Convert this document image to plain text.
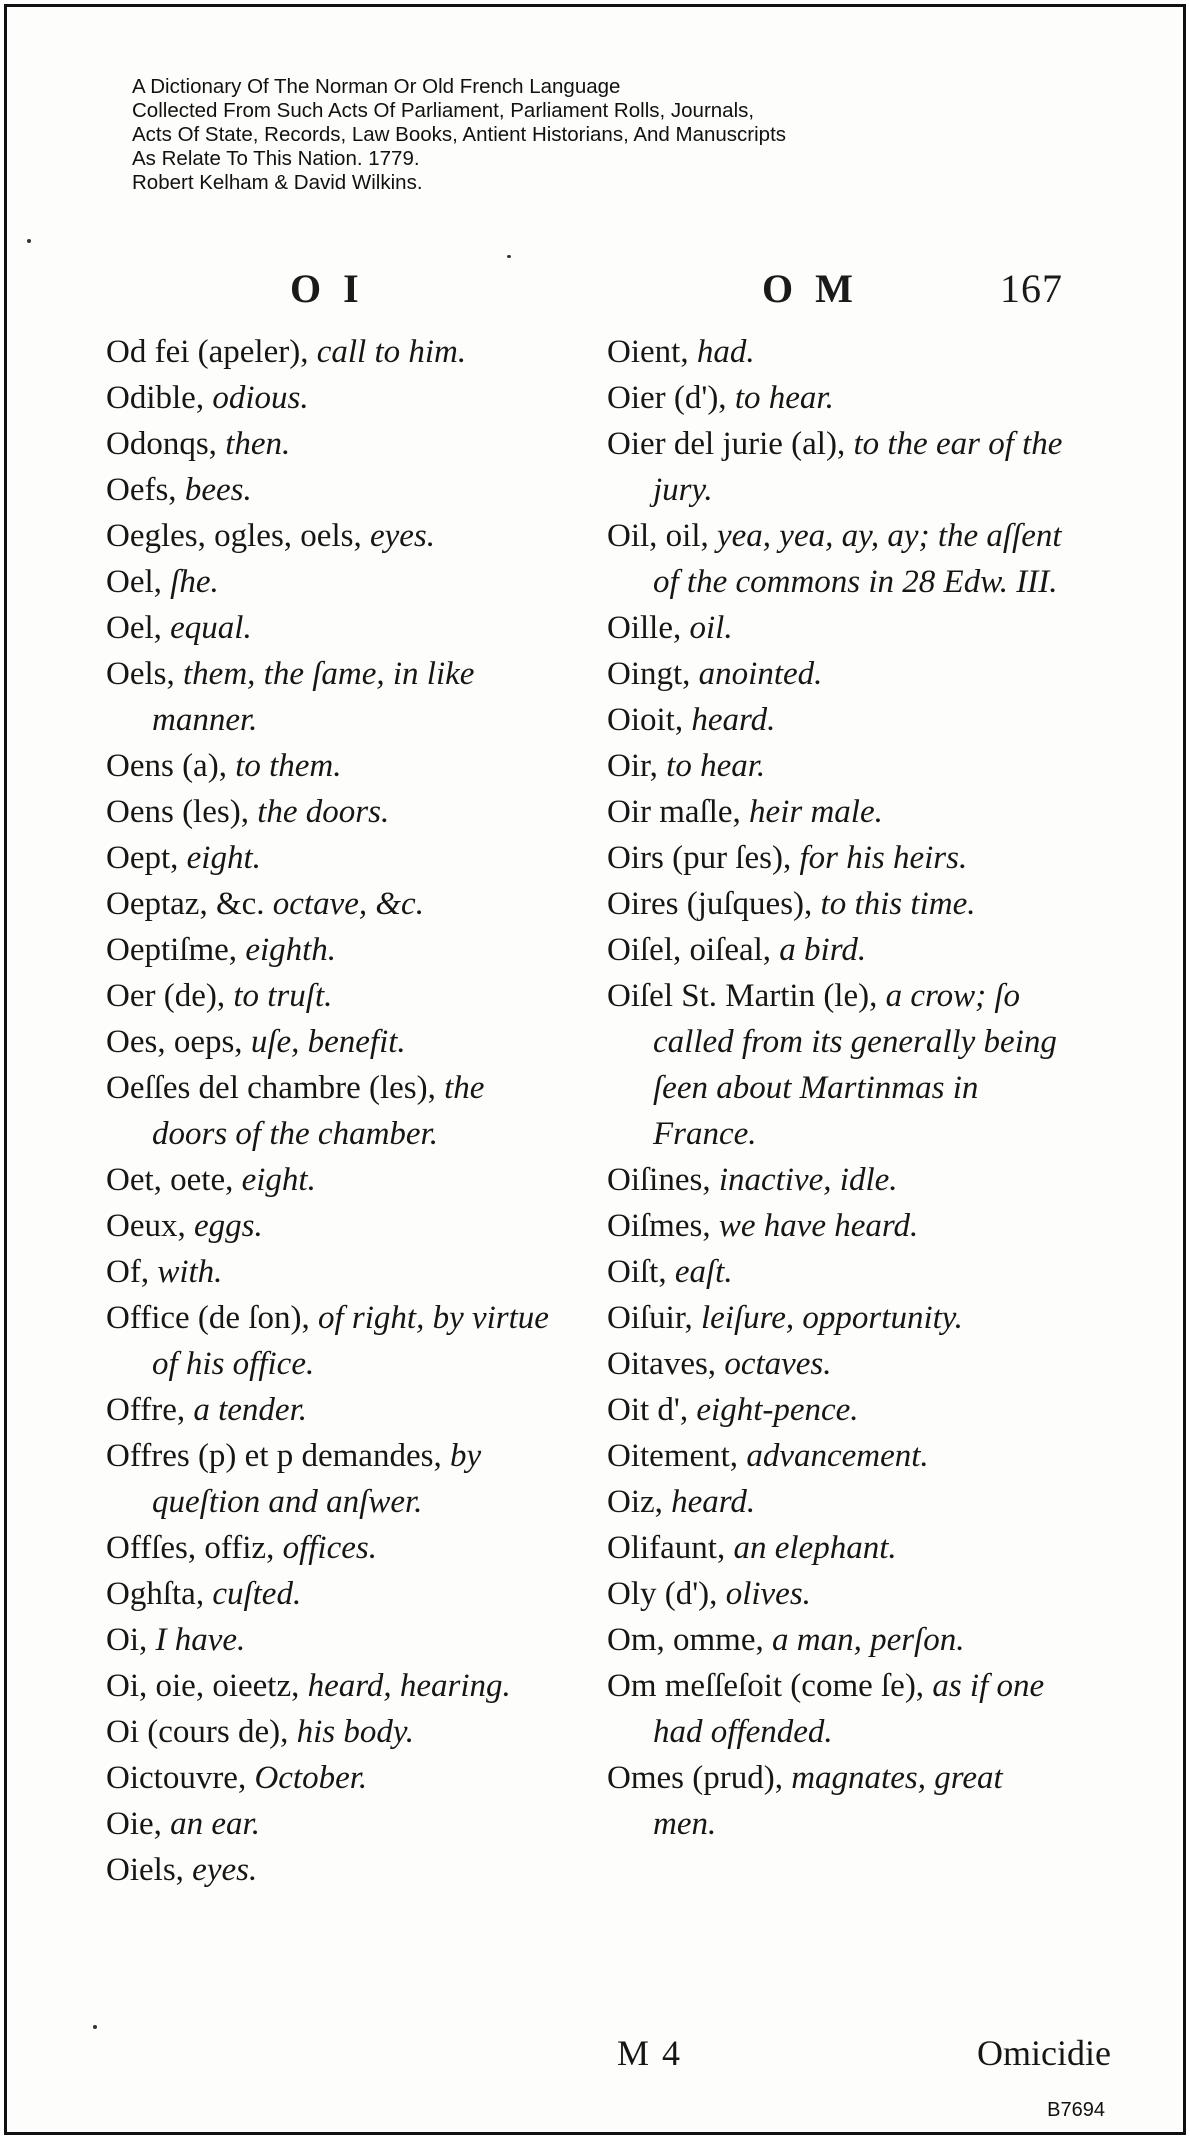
A Dictionary Of The Norman Or Old French Language
Collected From Such Acts Of Parliament, Parliament Rolls, Journals,
Acts Of State, Records, Law Books, Antient Historians, And Manuscripts
As Relate To This Nation. 1779.
Robert Kelham & David Wilkins.
O I	O M	167
Od fei (apeler), call to him.
Odible, odious.
Odonqs, then.
Oefs, bees.
Oegles, ogles, oels, eyes.
Oel, ſhe.
Oel, equal.
Oels, them, the ſame, in like manner.
Oens (a), to them.
Oens (les), the doors.
Oept, eight.
Oeptaz, &c. octave, &c.
Oeptiſme, eighth.
Oer (de), to truſt.
Oes, oeps, uſe, benefit.
Oeſſes del chambre (les), the doors of the chamber.
Oet, oete, eight.
Oeux, eggs.
Of, with.
Office (de ſon), of right, by virtue of his office.
Offre, a tender.
Offres (p) et p demandes, by queſtion and anſwer.
Offſes, offiz, offices.
Oghſta, cuſted.
Oi, I have.
Oi, oie, oieetz, heard, hearing.
Oi (cours de), his body.
Oictouvre, October.
Oie, an ear.
Oiels, eyes.
Oient, had.
Oier (d'), to hear.
Oier del jurie (al), to the ear of the jury.
Oil, oil, yea, yea, ay, ay; the aſſent of the commons in 28 Edw. III.
Oille, oil.
Oingt, anointed.
Oioit, heard.
Oir, to hear.
Oir maſle, heir male.
Oirs (pur ſes), for his heirs.
Oires (juſques), to this time.
Oiſel, oiſeal, a bird.
Oiſel St. Martin (le), a crow; ſo called from its generally being ſeen about Martinmas in France.
Oiſines, inactive, idle.
Oiſmes, we have heard.
Oiſt, eaſt.
Oiſuir, leiſure, opportunity.
Oitaves, octaves.
Oit d', eight-pence.
Oitement, advancement.
Oiz, heard.
Olifaunt, an elephant.
Oly (d'), olives.
Om, omme, a man, perſon.
Om meſſeſoit (come ſe), as if one had offended.
Omes (prud), magnates, great men.
M 4	Omicidie
B7694
